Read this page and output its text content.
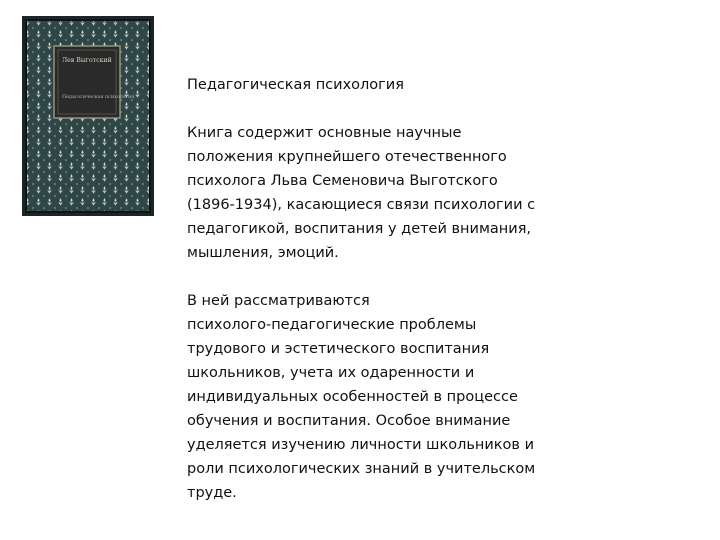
Лев Выготский
Педагогическая психология

Педагогическая психология

Книга содержит основные научные
положения крупнейшего отечественного
психолога Льва Семеновича Выготского
(1896-1934), касающиеся связи психологии с
педагогикой, воспитания у детей внимания,
мышления, эмоций.

В ней рассматриваются
психолого-педагогические проблемы
трудового и эстетического воспитания
школьников, учета их одаренности и
индивидуальных особенностей в процессе
обучения и воспитания. Особое внимание
уделяется изучению личности школьников и
роли психологических знаний в учительском
труде.
